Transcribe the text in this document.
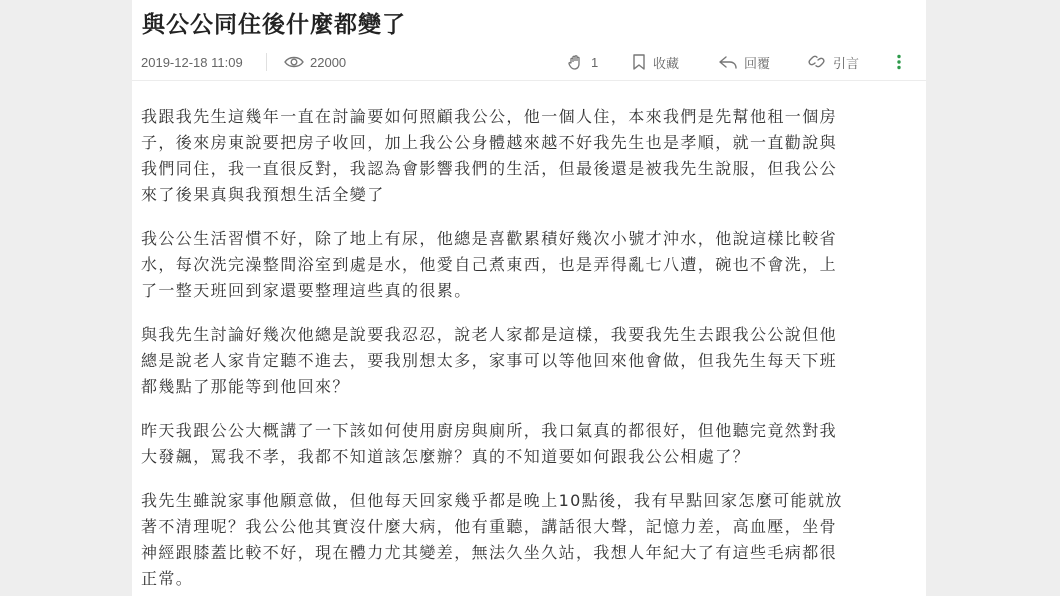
與公公同住後什麼都變了
2019-12-18 11:09	22000	1	收藏	回覆	引言

我跟我先生這幾年一直在討論要如何照顧我公公，他一個人住，本來我們是先幫他租一個房
子，後來房東說要把房子收回，加上我公公身體越來越不好我先生也是孝順，就一直勸說與
我們同住，我一直很反對，我認為會影響我們的生活，但最後還是被我先生說服，但我公公
來了後果真與我預想生活全變了

我公公生活習慣不好，除了地上有尿，他總是喜歡累積好幾次小號才沖水，他說這樣比較省
水，每次洗完澡整間浴室到處是水，他愛自己煮東西，也是弄得亂七八遭，碗也不會洗，上
了一整天班回到家還要整理這些真的很累。

與我先生討論好幾次他總是說要我忍忍，說老人家都是這樣，我要我先生去跟我公公說但他
總是說老人家肯定聽不進去，要我別想太多，家事可以等他回來他會做，但我先生每天下班
都幾點了那能等到他回來？

昨天我跟公公大概講了一下該如何使用廚房與廁所，我口氣真的都很好，但他聽完竟然對我
大發飆，罵我不孝，我都不知道該怎麼辦？真的不知道要如何跟我公公相處了？

我先生雖說家事他願意做，但他每天回家幾乎都是晚上10點後，我有早點回家怎麼可能就放
著不清理呢？我公公他其實沒什麼大病，他有重聽，講話很大聲，記憶力差，高血壓，坐骨
神經跟膝蓋比較不好，現在體力尤其變差，無法久坐久站，我想人年紀大了有這些毛病都很
正常。
